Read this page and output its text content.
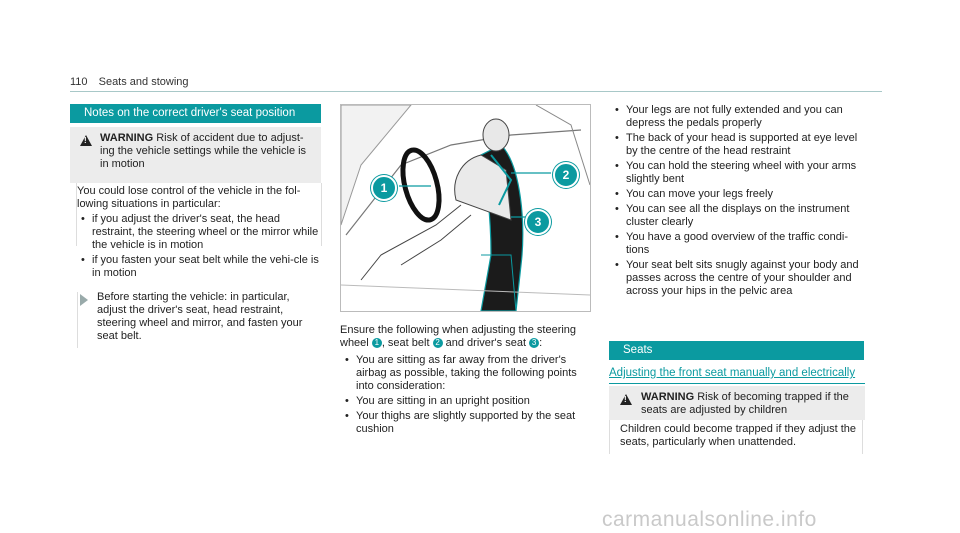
110 Seats and stowing
Notes on the correct driver's seat position
!
WARNING Risk of accident due to adjust-ing the vehicle settings while the vehicle is in motion
You could lose control of the vehicle in the fol-lowing situations in particular:
• if you adjust the driver's seat, the head restraint, the steering wheel or the mirror while the vehicle is in motion
• if you fasten your seat belt while the vehi-cle is in motion
Before starting the vehicle: in particular, adjust the driver's seat, head restraint, steering wheel and mirror, and fasten your seat belt.
1
2
3
Ensure the following when adjusting the steering wheel 1 , seat belt 2 and driver's seat 3 :
• You are sitting as far away from the driver's airbag as possible, taking the following points into consideration:
• You are sitting in an upright position
• Your thighs are slightly supported by the seat cushion
• Your legs are not fully extended and you can depress the pedals properly
• The back of your head is supported at eye level by the centre of the head restraint
• You can hold the steering wheel with your arms slightly bent
• You can move your legs freely
• You can see all the displays on the instrument cluster clearly
• You have a good overview of the traffic condi-tions
• Your seat belt sits snugly against your body and passes across the centre of your shoulder and across your hips in the pelvic area
Seats
Adjusting the front seat manually and electrically
!
WARNING Risk of becoming trapped if the seats are adjusted by children
Children could become trapped if they adjust the seats, particularly when unattended.
carmanualsonline.info
